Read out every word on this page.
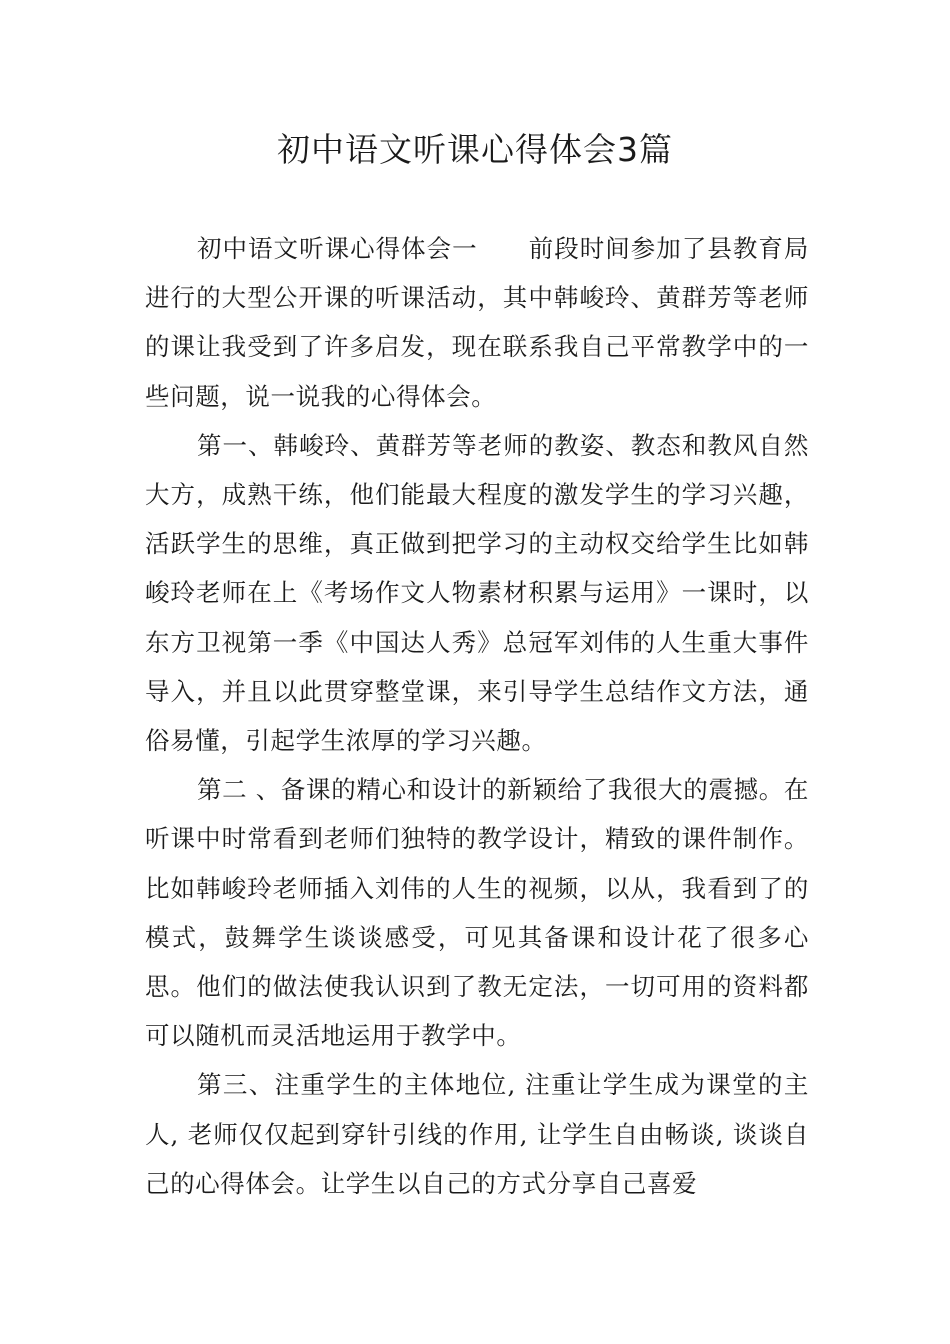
初中语文听课心得体会3篇

初中语文听课心得体会一　　前段时间参加了县教育局进行的大型公开课的听课活动，其中韩峻玲、黄群芳等老师的课让我受到了许多启发，现在联系我自己平常教学中的一些问题，说一说我的心得体会。

第一、韩峻玲、黄群芳等老师的教姿、教态和教风自然大方，成熟干练，他们能最大程度的激发学生的学习兴趣，活跃学生的思维，真正做到把学习的主动权交给学生比如韩峻玲老师在上《考场作文人物素材积累与运用》一课时，以东方卫视第一季《中国达人秀》总冠军刘伟的人生重大事件导入，并且以此贯穿整堂课，来引导学生总结作文方法，通俗易懂，引起学生浓厚的学习兴趣。

第二 、备课的精心和设计的新颖给了我很大的震撼。在听课中时常看到老师们独特的教学设计，精致的课件制作。比如韩峻玲老师插入刘伟的人生的视频，以从，我看到了的模式，鼓舞学生谈谈感受，可见其备课和设计花了很多心思。他们的做法使我认识到了教无定法，一切可用的资料都可以随机而灵活地运用于教学中。

第三、注重学生的主体地位, 注重让学生成为课堂的主人, 老师仅仅起到穿针引线的作用, 让学生自由畅谈, 谈谈自己的心得体会。让学生以自己的方式分享自己喜爱
